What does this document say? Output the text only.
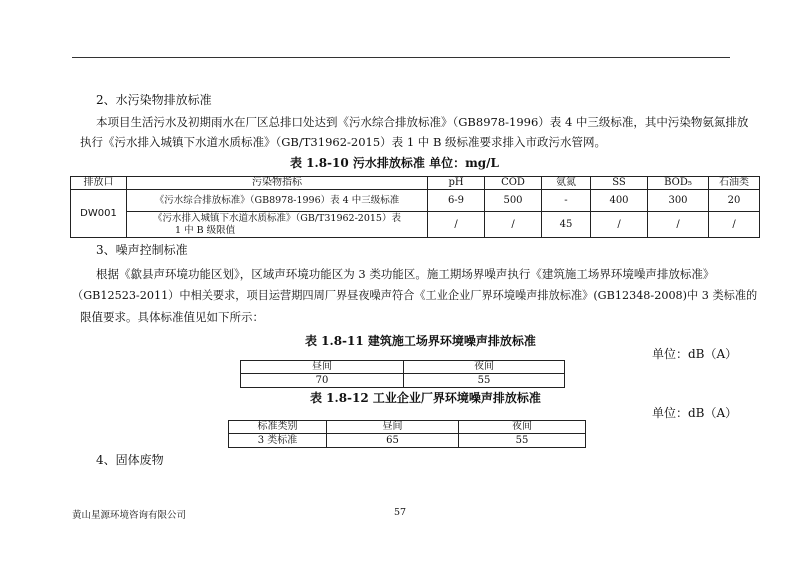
2、水污染物排放标准
本项目生活污水及初期雨水在厂区总排口处达到《污水综合排放标准》（GB8978-1996）表 4 中三级标准，其中污染物氨氮排放
执行《污水排入城镇下水道水质标准》（GB/T31962-2015）表 1 中 B 级标准要求排入市政污水管网。
表 1.8-10 污水排放标准 单位：mg/L
排放口	污染物指标	pH	COD	氨氮	SS	BOD₅	石油类
DW001	《污水综合排放标准》（GB8978-1996）表 4 中三级标准	6-9	500	-	400	300	20

	《污水排入城镇下水道水质标准》（GB/T31962-2015）表
1 中 B 级限值	/	/	45	/	/	/
3、噪声控制标准
根据《歙县声环境功能区划》，区域声环境功能区为 3 类功能区。施工期场界噪声执行《建筑施工场界环境噪声排放标准》
（GB12523-2011）中相关要求，项目运营期四周厂界昼夜噪声符合《工业企业厂界环境噪声排放标准》(GB12348-2008)中 3 类标准的
限值要求。具体标准值见如下所示：
表 1.8-11 建筑施工场界环境噪声排放标准
单位：dB（A）
昼间	夜间
70	55
表 1.8-12 工业企业厂界环境噪声排放标准
单位：dB（A）
标准类别	昼间	夜间
3 类标准	65	55
4、固体废物
黄山星源环境咨询有限公司	57
